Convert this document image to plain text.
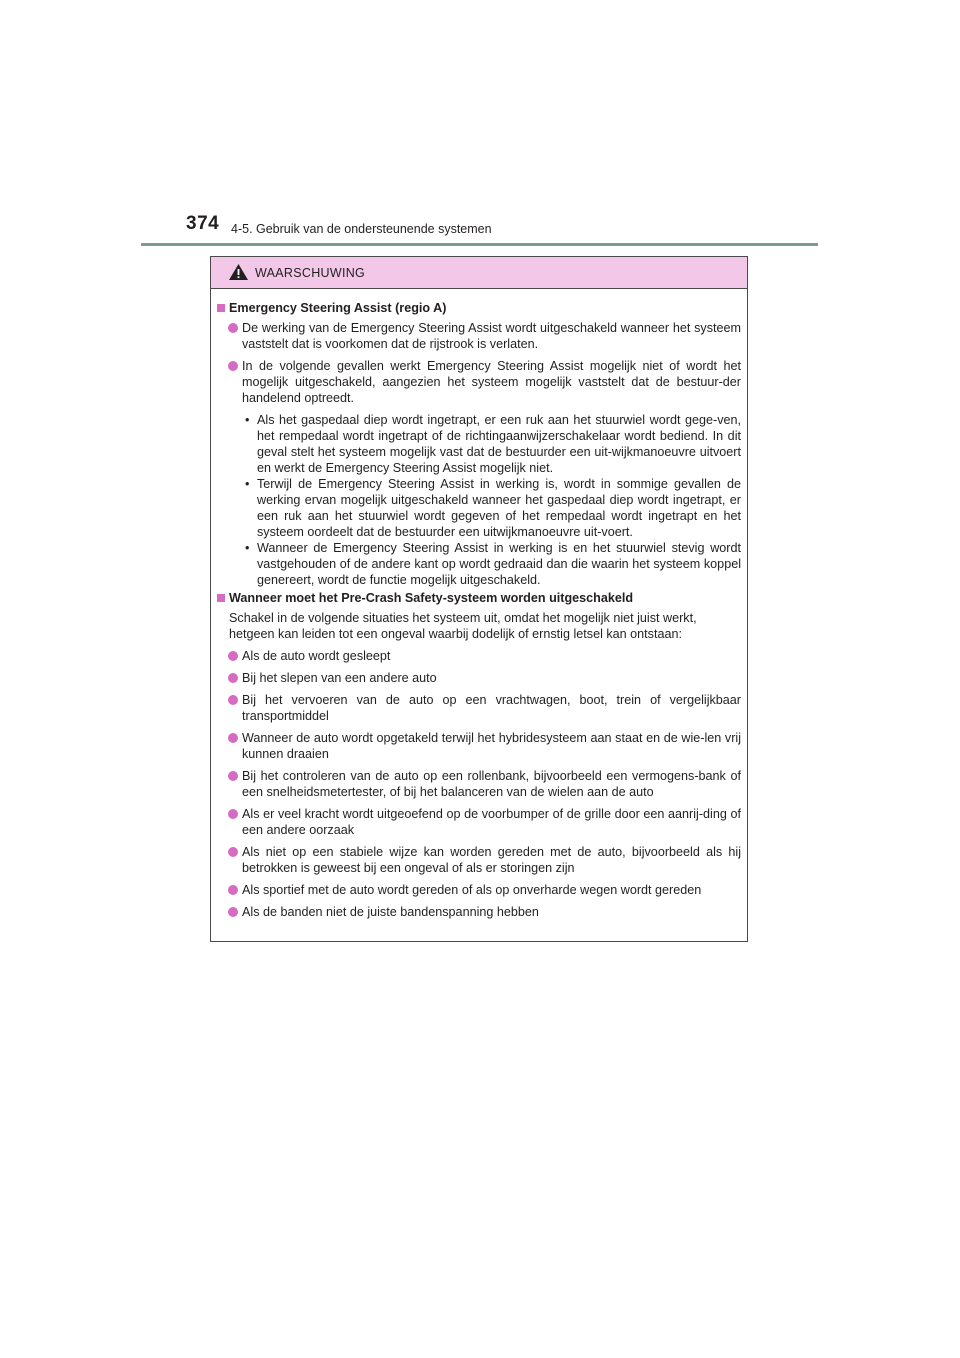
374 4-5. Gebruik van de ondersteunende systemen
WAARSCHUWING
Emergency Steering Assist (regio A)
De werking van de Emergency Steering Assist wordt uitgeschakeld wanneer het systeem vaststelt dat is voorkomen dat de rijstrook is verlaten.
In de volgende gevallen werkt Emergency Steering Assist mogelijk niet of wordt het mogelijk uitgeschakeld, aangezien het systeem mogelijk vaststelt dat de bestuur-der handelend optreedt.
• Als het gaspedaal diep wordt ingetrapt, er een ruk aan het stuurwiel wordt gege-ven, het rempedaal wordt ingetrapt of de richtingaanwijzerschakelaar wordt bediend. In dit geval stelt het systeem mogelijk vast dat de bestuurder een uit-wijkmanoeuvre uitvoert en werkt de Emergency Steering Assist mogelijk niet.
• Terwijl de Emergency Steering Assist in werking is, wordt in sommige gevallen de werking ervan mogelijk uitgeschakeld wanneer het gaspedaal diep wordt ingetrapt, er een ruk aan het stuurwiel wordt gegeven of het rempedaal wordt ingetrapt en het systeem oordeelt dat de bestuurder een uitwijkmanoeuvre uit-voert.
• Wanneer de Emergency Steering Assist in werking is en het stuurwiel stevig wordt vastgehouden of de andere kant op wordt gedraaid dan die waarin het systeem koppel genereert, wordt de functie mogelijk uitgeschakeld.
Wanneer moet het Pre-Crash Safety-systeem worden uitgeschakeld
Schakel in de volgende situaties het systeem uit, omdat het mogelijk niet juist werkt, hetgeen kan leiden tot een ongeval waarbij dodelijk of ernstig letsel kan ontstaan:
Als de auto wordt gesleept
Bij het slepen van een andere auto
Bij het vervoeren van de auto op een vrachtwagen, boot, trein of vergelijkbaar transportmiddel
Wanneer de auto wordt opgetakeld terwijl het hybridesysteem aan staat en de wie-len vrij kunnen draaien
Bij het controleren van de auto op een rollenbank, bijvoorbeeld een vermogens-bank of een snelheidsmetertester, of bij het balanceren van de wielen aan de auto
Als er veel kracht wordt uitgeoefend op de voorbumper of de grille door een aanrij-ding of een andere oorzaak
Als niet op een stabiele wijze kan worden gereden met de auto, bijvoorbeeld als hij betrokken is geweest bij een ongeval of als er storingen zijn
Als sportief met de auto wordt gereden of als op onverharde wegen wordt gereden
Als de banden niet de juiste bandenspanning hebben
